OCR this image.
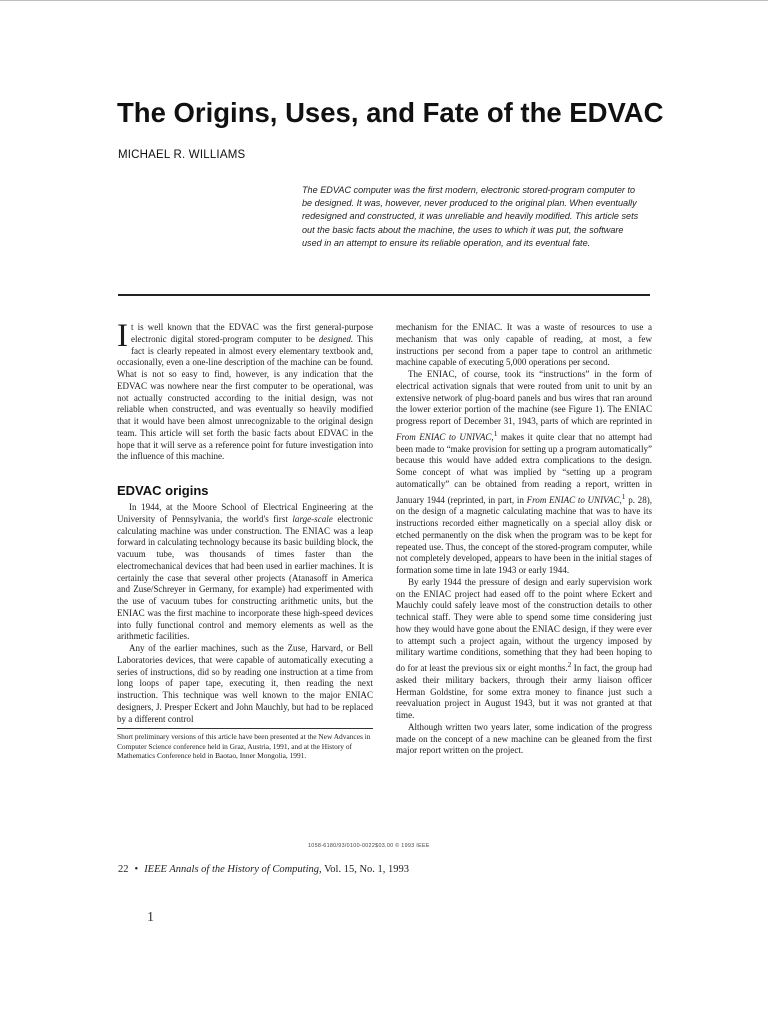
The Origins, Uses, and Fate of the EDVAC
MICHAEL R. WILLIAMS

The EDVAC computer was the first modern, electronic stored-program computer to be designed. It was, however, never produced to the original plan. When eventually redesigned and constructed, it was unreliable and heavily modified. This article sets out the basic facts about the machine, the uses to which it was put, the software used in an attempt to ensure its reliable operation, and its eventual fate.

It is well known that the EDVAC was the first general-purpose electronic digital stored-program computer to be designed. This fact is clearly repeated in almost every elementary textbook and, occasionally, even a one-line description of the machine can be found. What is not so easy to find, however, is any indication that the EDVAC was nowhere near the first computer to be operational, was not actually constructed according to the initial design, was not reliable when constructed, and was eventually so heavily modified that it would have been almost unrecognizable to the original design team. This article will set forth the basic facts about EDVAC in the hope that it will serve as a reference point for future investigation into the influence of this machine.

EDVAC origins

In 1944, at the Moore School of Electrical Engineering at the University of Pennsylvania, the world's first large-scale electronic calculating machine was under construction. The ENIAC was a leap forward in calculating technology because its basic building block, the vacuum tube, was thousands of times faster than the electromechanical devices that had been used in earlier machines. It is certainly the case that several other projects (Atanasoff in America and Zuse/Schreyer in Germany, for example) had experimented with the use of vacuum tubes for constructing arithmetic units, but the ENIAC was the first machine to incorporate these high-speed devices into fully functional control and memory elements as well as the arithmetic facilities.

Any of the earlier machines, such as the Zuse, Harvard, or Bell Laboratories devices, that were capable of automatically executing a series of instructions, did so by reading one instruction at a time from long loops of paper tape, executing it, then reading the next instruction. This technique was well known to the major ENIAC designers, J. Presper Eckert and John Mauchly, but had to be replaced by a different control

Short preliminary versions of this article have been presented at the New Advances in Computer Science conference held in Graz, Austria, 1991, and at the History of Mathematics Conference held in Baotao, Inner Mongolia, 1991.

mechanism for the ENIAC. It was a waste of resources to use a mechanism that was only capable of reading, at most, a few instructions per second from a paper tape to control an arithmetic machine capable of executing 5,000 operations per second.

The ENIAC, of course, took its “instructions” in the form of electrical activation signals that were routed from unit to unit by an extensive network of plug-board panels and bus wires that ran around the lower exterior portion of the machine (see Figure 1). The ENIAC progress report of December 31, 1943, parts of which are reprinted in From ENIAC to UNIVAC,$^1$ makes it quite clear that no attempt had been made to “make provision for setting up a program automatically” because this would have added extra complications to the design. Some concept of what was implied by “setting up a program automatically” can be obtained from reading a report, written in January 1944 (reprinted, in part, in From ENIAC to UNIVAC,$^1$ p. 28), on the design of a magnetic calculating machine that was to have its instructions recorded either magnetically on a special alloy disk or etched permanently on the disk when the program was to be kept for repeated use. Thus, the concept of the stored-program computer, while not completely developed, appears to have been in the initial stages of formation some time in late 1943 or early 1944.

By early 1944 the pressure of design and early supervision work on the ENIAC project had eased off to the point where Eckert and Mauchly could safely leave most of the construction details to other technical staff. They were able to spend some time considering just how they would have gone about the ENIAC design, if they were ever to attempt such a project again, without the urgency imposed by military wartime conditions, something that they had been hoping to do for at least the previous six or eight months.$^2$ In fact, the group had asked their military backers, through their army liaison officer Herman Goldstine, for some extra money to finance just such a reevaluation project in August 1943, but it was not granted at that time.

Although written two years later, some indication of the progress made on the concept of a new machine can be gleaned from the first major report written on the project.

1058-6180/93/0100-0022$03.00 © 1993 IEEE
22 • IEEE Annals of the History of Computing, Vol. 15, No. 1, 1993
1
